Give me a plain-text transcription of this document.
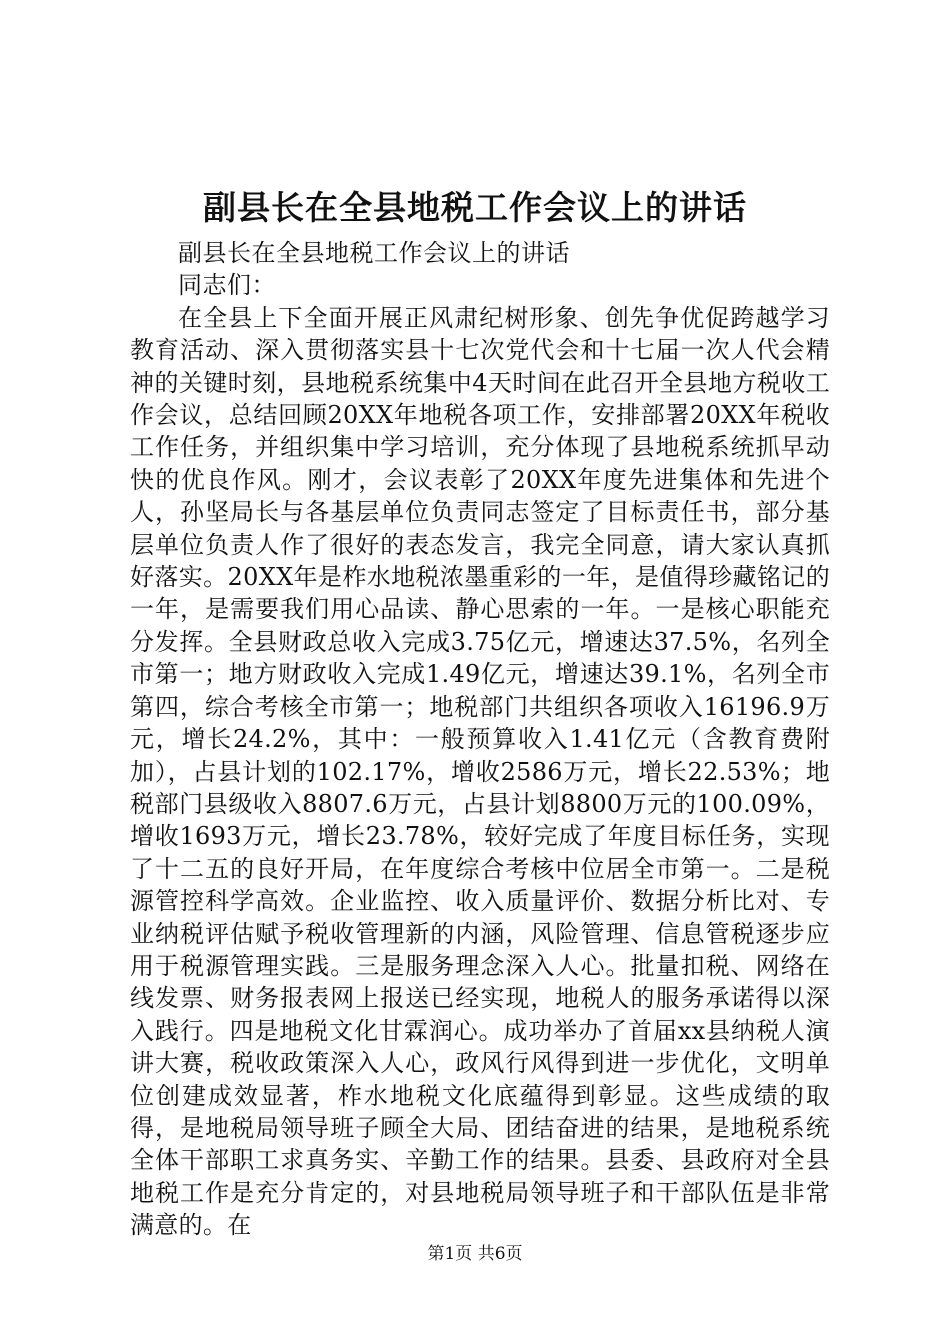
副县长在全县地税工作会议上的讲话

副县长在全县地税工作会议上的讲话

同志们：

在全县上下全面开展正风肃纪树形象、创先争优促跨越学习教育活动、深入贯彻落实县十七次党代会和十七届一次人代会精神的关键时刻，县地税系统集中4天时间在此召开全县地方税收工作会议，总结回顾20XX年地税各项工作，安排部署20XX年税收工作任务，并组织集中学习培训，充分体现了县地税系统抓早动快的优良作风。刚才，会议表彰了20XX年度先进集体和先进个人，孙坚局长与各基层单位负责同志签定了目标责任书，部分基层单位负责人作了很好的表态发言，我完全同意，请大家认真抓好落实。20XX年是柞水地税浓墨重彩的一年，是值得珍藏铭记的一年，是需要我们用心品读、静心思索的一年。一是核心职能充分发挥。全县财政总收入完成3.75亿元，增速达37.5%，名列全市第一；地方财政收入完成1.49亿元，增速达39.1%，名列全市第四，综合考核全市第一；地税部门共组织各项收入16196.9万元，增长24.2%，其中：一般预算收入1.41亿元（含教育费附加），占县计划的102.17%，增收2586万元，增长22.53%；地税部门县级收入8807.6万元，占县计划8800万元的100.09%，增收1693万元，增长23.78%，较好完成了年度目标任务，实现了十二五的良好开局，在年度综合考核中位居全市第一。二是税源管控科学高效。企业监控、收入质量评价、数据分析比对、专业纳税评估赋予税收管理新的内涵，风险管理、信息管税逐步应用于税源管理实践。三是服务理念深入人心。批量扣税、网络在线发票、财务报表网上报送已经实现，地税人的服务承诺得以深入践行。四是地税文化甘霖润心。成功举办了首届xx县纳税人演讲大赛，税收政策深入人心，政风行风得到进一步优化，文明单位创建成效显著，柞水地税文化底蕴得到彰显。这些成绩的取得，是地税局领导班子顾全大局、团结奋进的结果，是地税系统全体干部职工求真务实、辛勤工作的结果。县委、县政府对全县地税工作是充分肯定的，对县地税局领导班子和干部队伍是非常满意的。在

第1页 共6页
